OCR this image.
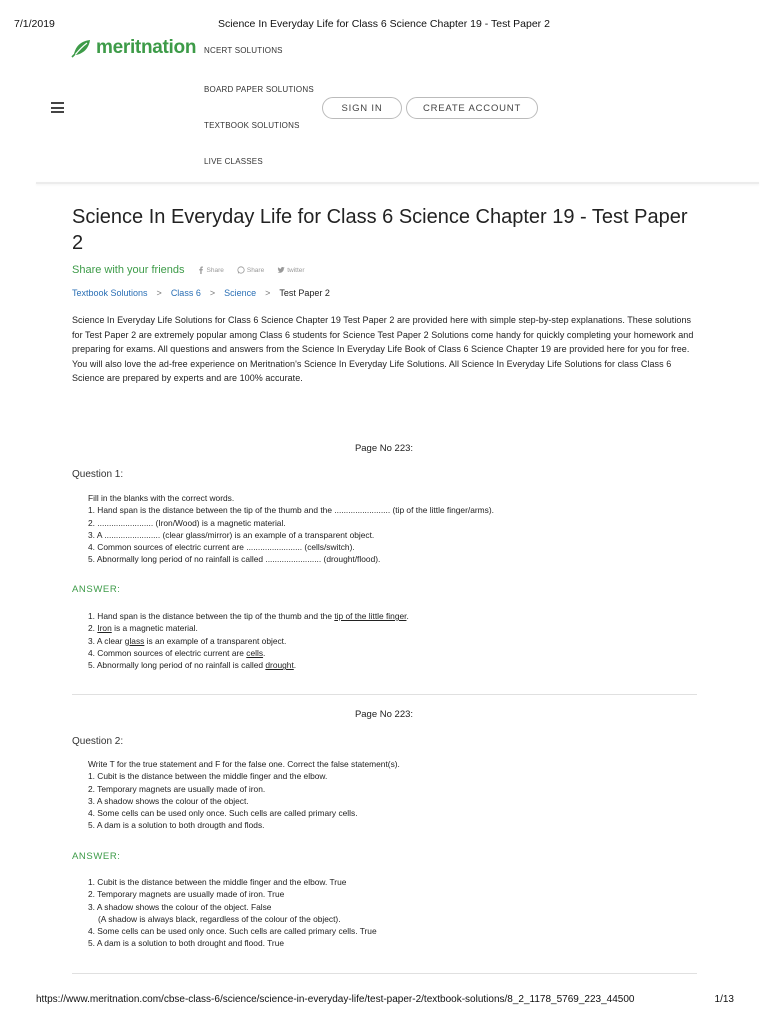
7/1/2019	Science In Everyday Life for Class 6 Science Chapter 19 - Test Paper 2
meritnation NCERT SOLUTIONS
BOARD PAPER SOLUTIONS
TEXTBOOK SOLUTIONS
LIVE CLASSES
SIGN IN	CREATE ACCOUNT
Science In Everyday Life for Class 6 Science Chapter 19 - Test Paper 2
Share with your friends	Share	Share	twitter
Textbook Solutions > Class 6 > Science > Test Paper 2

Science In Everyday Life Solutions for Class 6 Science Chapter 19 Test Paper 2 are provided here with simple step-by-step explanations. These solutions for Test Paper 2 are extremely popular among Class 6 students for Science Test Paper 2 Solutions come handy for quickly completing your homework and preparing for exams. All questions and answers from the Science In Everyday Life Book of Class 6 Science Chapter 19 are provided here for you for free. You will also love the ad-free experience on Meritnation's Science In Everyday Life Solutions. All Science In Everyday Life Solutions for class Class 6 Science are prepared by experts and are 100% accurate.

Page No 223:
Question 1:
Fill in the blanks with the correct words.
1. Hand span is the distance between the tip of the thumb and the ........................ (tip of the little finger/arms).
2. ........................ (Iron/Wood) is a magnetic material.
3. A ........................ (clear glass/mirror) is an example of a transparent object.
4. Common sources of electric current are ........................ (cells/switch).
5. Abnormally long period of no rainfall is called ........................ (drought/flood).
ANSWER:
1. Hand span is the distance between the tip of the thumb and the tip of the little finger.
2. Iron is a magnetic material.
3. A clear glass is an example of a transparent object.
4. Common sources of electric current are cells.
5. Abnormally long period of no rainfall is called drought.
Page No 223:
Question 2:
Write T for the true statement and F for the false one. Correct the false statement(s).
1. Cubit is the distance between the middle finger and the elbow.
2. Temporary magnets are usually made of iron.
3. A shadow shows the colour of the object.
4. Some cells can be used only once. Such cells are called primary cells.
5. A dam is a solution to both drougth and flods.
ANSWER:
1. Cubit is the distance between the middle finger and the elbow. True
2. Temporary magnets are usually made of iron. True
3. A shadow shows the colour of the object. False
(A shadow is always black, regardless of the colour of the object).
4. Some cells can be used only once. Such cells are called primary cells. True
5. A dam is a solution to both drought and flood. True
https://www.meritnation.com/cbse-class-6/science/science-in-everyday-life/test-paper-2/textbook-solutions/8_2_1178_5769_223_44500	1/13
